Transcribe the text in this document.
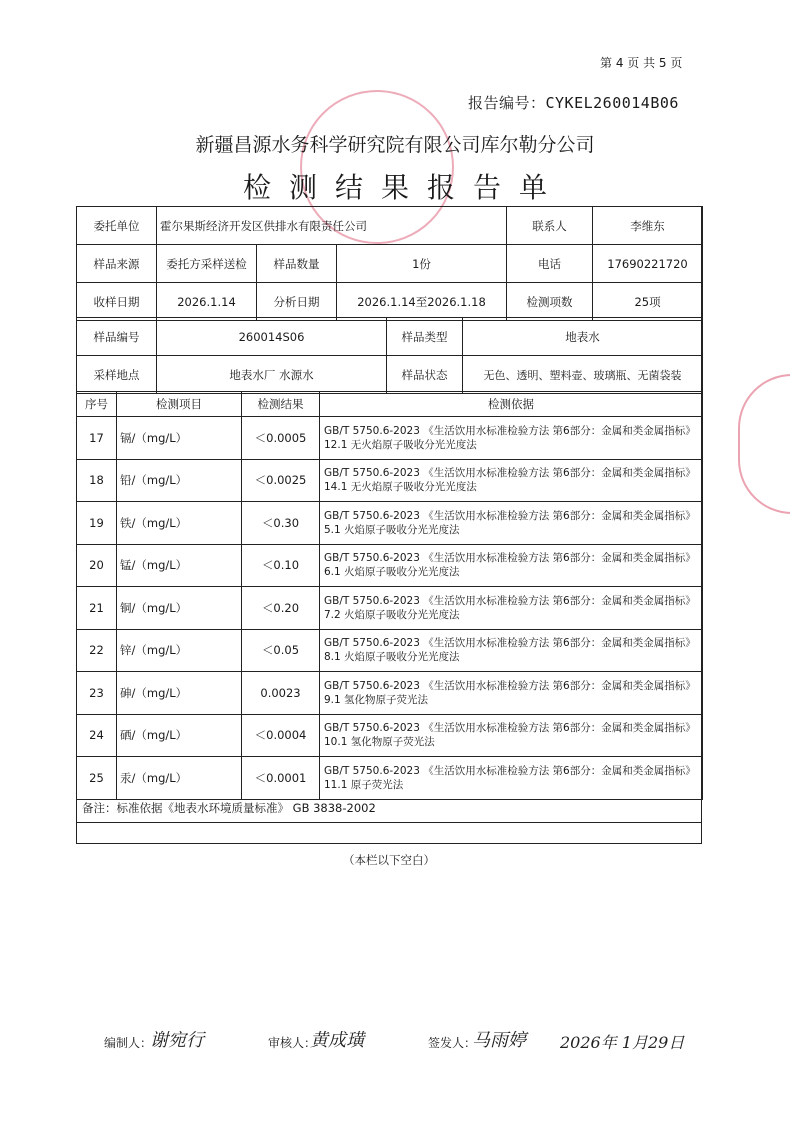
第 4 页 共 5 页
报告编号：CYKEL260014B06
新疆昌源水务科学研究院有限公司库尔勒分公司
检测结果报告单
委托单位	霍尔果斯经济开发区供排水有限责任公司			联系人	李维东
样品来源	委托方采样送检	样品数量	1份	电话	17690221720
收样日期	2026.1.14	分析日期	2026.1.14至2026.1.18	检测项数	25项
样品编号	260014S06	样品类型	地表水
采样地点	地表水厂 水源水	样品状态	无色、透明、塑料壶、玻璃瓶、无菌袋装
序号	检测项目	检测结果	检测依据
17	镉/（mg/L）	＜0.0005	GB/T 5750.6-2023 《生活饮用水标准检验方法 第6部分：金属和类金属指标》 12.1 无火焰原子吸收分光光度法
18	铅/（mg/L）	＜0.0025	GB/T 5750.6-2023 《生活饮用水标准检验方法 第6部分：金属和类金属指标》 14.1 无火焰原子吸收分光光度法
19	铁/（mg/L）	＜0.30	GB/T 5750.6-2023 《生活饮用水标准检验方法 第6部分：金属和类金属指标》 5.1 火焰原子吸收分光光度法
20	锰/（mg/L）	＜0.10	GB/T 5750.6-2023 《生活饮用水标准检验方法 第6部分：金属和类金属指标》 6.1 火焰原子吸收分光光度法
21	铜/（mg/L）	＜0.20	GB/T 5750.6-2023 《生活饮用水标准检验方法 第6部分：金属和类金属指标》 7.2 火焰原子吸收分光光度法
22	锌/（mg/L）	＜0.05	GB/T 5750.6-2023 《生活饮用水标准检验方法 第6部分：金属和类金属指标》 8.1 火焰原子吸收分光光度法
23	砷/（mg/L）	0.0023	GB/T 5750.6-2023 《生活饮用水标准检验方法 第6部分：金属和类金属指标》 9.1 氢化物原子荧光法
24	硒/（mg/L）	＜0.0004	GB/T 5750.6-2023 《生活饮用水标准检验方法 第6部分：金属和类金属指标》 10.1 氢化物原子荧光法
25	汞/（mg/L）	＜0.0001	GB/T 5750.6-2023 《生活饮用水标准检验方法 第6部分：金属和类金属指标》 11.1 原子荧光法
备注：标准依据《地表水环境质量标准》 GB 3838-2002
（本栏以下空白）
编制人：
谢宛行	审核人：
黄成璜	签发人：
马雨婷 2026年 1月29日
